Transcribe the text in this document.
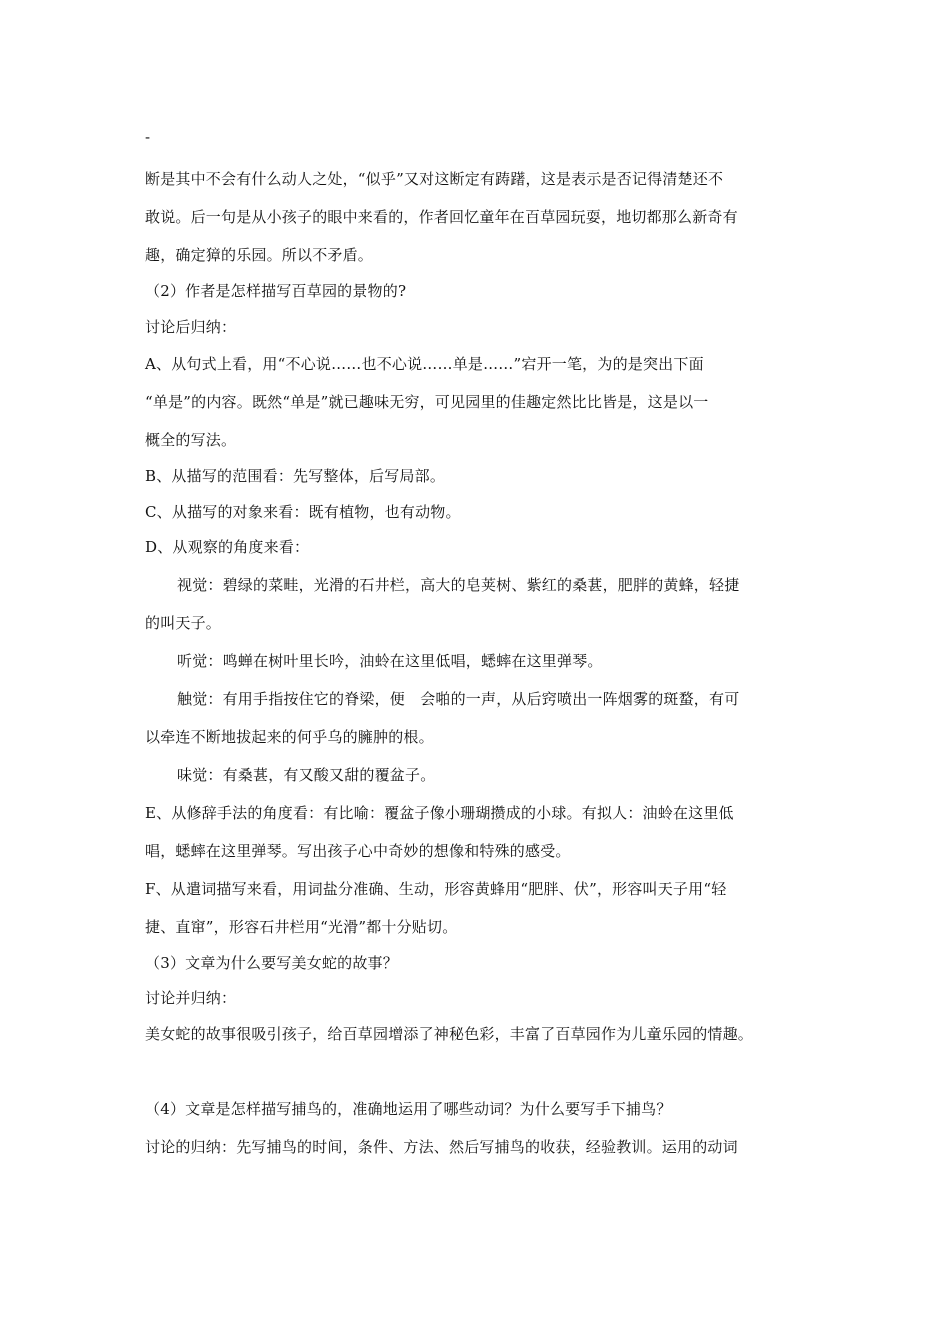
-
断是其中不会有什么动人之处，“似乎”又对这断定有踌躇，这是表示是否记得清楚还不
敢说。后一句是从小孩子的眼中来看的，作者回忆童年在百草园玩耍，地切都那么新奇有
趣，确定獐的乐园。所以不矛盾。
（2）作者是怎样描写百草园的景物的?
讨论后归纳：
A、从句式上看，用“不心说……也不心说……单是……”宕开一笔，为的是突出下面
“单是”的内容。既然“单是”就已趣味无穷，可见园里的佳趣定然比比皆是，这是以一
概全的写法。
B、从描写的范围看：先写整体，后写局部。
C、从描写的对象来看：既有植物，也有动物。
D、从观察的角度来看：
视觉：碧绿的菜畦，光滑的石井栏，高大的皂荚树、紫红的桑葚，肥胖的黄蜂，轻捷
的叫天子。
听觉：鸣蝉在树叶里长吟，油蛉在这里低唱，蟋蟀在这里弹琴。
触觉：有用手指按住它的脊梁，便　会啪的一声，从后窍喷出一阵烟雾的斑蝥，有可
以牵连不断地拔起来的何乎乌的臃肿的根。
味觉：有桑葚，有又酸又甜的覆盆子。
E、从修辞手法的角度看：有比喻：覆盆子像小珊瑚攒成的小球。有拟人：油蛉在这里低
唱，蟋蟀在这里弹琴。写出孩子心中奇妙的想像和特殊的感受。
F、从遣词描写来看，用词盐分准确、生动，形容黄蜂用“肥胖、伏”，形容叫天子用“轻
捷、直窜”，形容石井栏用“光滑”都十分贴切。
（3）文章为什么要写美女蛇的故事？
讨论并归纳：
美女蛇的故事很吸引孩子，给百草园增添了神秘色彩，丰富了百草园作为儿童乐园的情趣。
（4）文章是怎样描写捕鸟的，准确地运用了哪些动词？为什么要写手下捕鸟？
讨论的归纳：先写捕鸟的时间，条件、方法、然后写捕鸟的收获，经验教训。运用的动词
